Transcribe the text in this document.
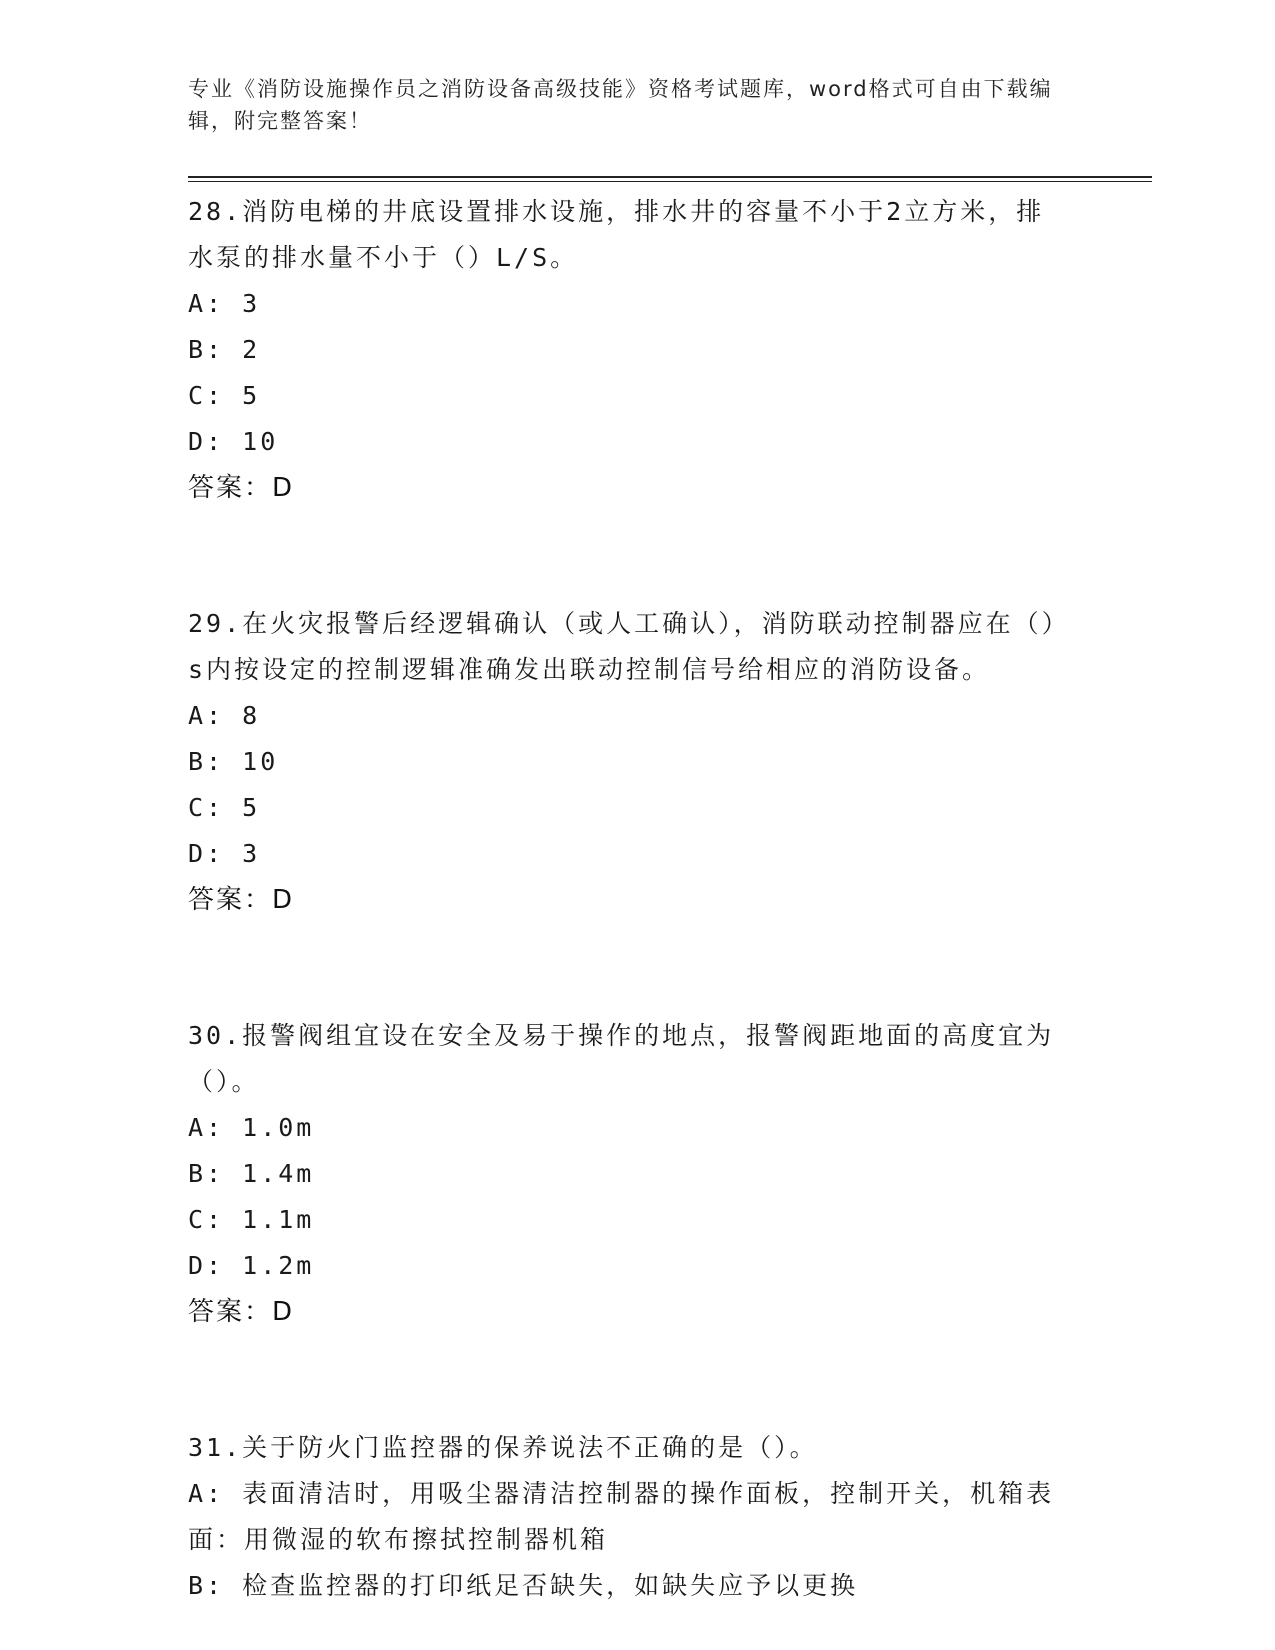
专业《消防设施操作员之消防设备高级技能》资格考试题库，word格式可自由下载编辑，附完整答案！

28.消防电梯的井底设置排水设施，排水井的容量不小于2立方米，排水泵的排水量不小于（）L/S。

A: 3

B: 2

C: 5

D: 10

答案：D

29.在火灾报警后经逻辑确认（或人工确认），消防联动控制器应在（）s内按设定的控制逻辑准确发出联动控制信号给相应的消防设备。

A: 8

B: 10

C: 5

D: 3

答案：D

30.报警阀组宜设在安全及易于操作的地点，报警阀距地面的高度宜为（）。

A: 1.0m

B: 1.4m

C: 1.1m

D: 1.2m

答案：D

31.关于防火门监控器的保养说法不正确的是（）。

A: 表面清洁时，用吸尘器清洁控制器的操作面板，控制开关，机箱表面：用微湿的软布擦拭控制器机箱

B: 检查监控器的打印纸足否缺失，如缺失应予以更换
